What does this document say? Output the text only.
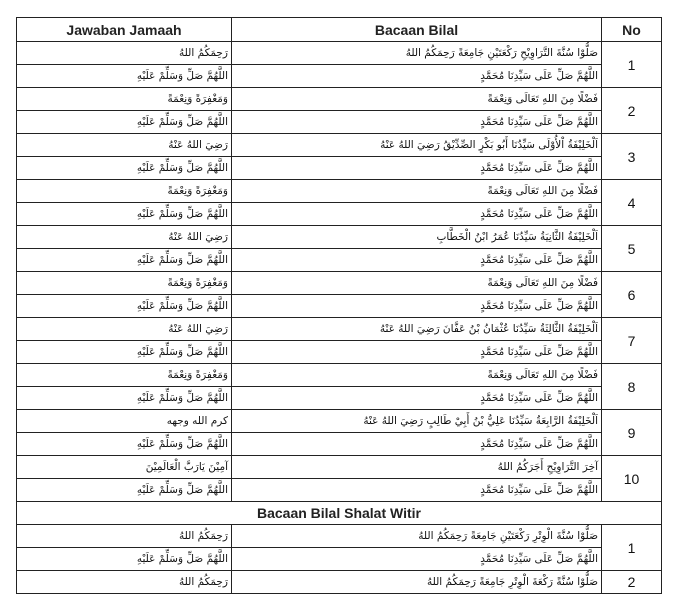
Jawaban Jamaah	Bacaan Bilal	No
رَحِمَكُمُ اللهُ	صَلُّوْا سُنَّةَ التَّرَاوِيْحِ رَكْعَتَيْنِ جَامِعَةً رَحِمَكُمُ اللهُ	1
اللَّهُمَّ صَلِّ وَسَلِّمْ عَلَيْهِ	اللَّهُمَّ صَلِّ عَلَى سَيِّدِنَا مُحَمَّدٍ	
وَمَغْفِرَةً وَنِعْمَةً	فَضْلًا مِنَ اللهِ تَعَالَى وَنِعْمَةً	2
اللَّهُمَّ صَلِّ وَسَلِّمْ عَلَيْهِ	اللَّهُمَّ صَلِّ عَلَى سَيِّدِنَا مُحَمَّدٍ	
رَضِيَ اللهُ عَنْهُ	اَلْخَلِيْفَةُ اْلأُوْلَى سَيِّدُنَا أَبُو بَكْرٍ الصِّدِّيْقُ رَضِيَ اللهُ عَنْهُ	3
اللَّهُمَّ صَلِّ وَسَلِّمْ عَلَيْهِ	اللَّهُمَّ صَلِّ عَلَى سَيِّدِنَا مُحَمَّدٍ	
وَمَغْفِرَةً وَنِعْمَةً	فَضْلًا مِنَ اللهِ تَعَالَى وَنِعْمَةً	4
اللَّهُمَّ صَلِّ وَسَلِّمْ عَلَيْهِ	اللَّهُمَّ صَلِّ عَلَى سَيِّدِنَا مُحَمَّدٍ	
رَضِيَ اللهُ عَنْهُ	اَلْخَلِيْفَةُ الثَّانِيَةُ سَيِّدُنَا عُمَرُ ابْنُ الْخَطَّابِ	5
اللَّهُمَّ صَلِّ وَسَلِّمْ عَلَيْهِ	اللَّهُمَّ صَلِّ عَلَى سَيِّدِنَا مُحَمَّدٍ	
وَمَغْفِرَةً وَنِعْمَةً	فَضْلًا مِنَ اللهِ تَعَالَى وَنِعْمَةً	6
اللَّهُمَّ صَلِّ وَسَلِّمْ عَلَيْهِ	اللَّهُمَّ صَلِّ عَلَى سَيِّدِنَا مُحَمَّدٍ	
رَضِيَ اللهُ عَنْهُ	اَلْخَلِيْفَةُ الثَّالِثَةُ سَيِّدُنَا عُثْمَانُ بْنُ عَفَّانَ رَضِيَ اللهُ عَنْهُ	7
اللَّهُمَّ صَلِّ وَسَلِّمْ عَلَيْهِ	اللَّهُمَّ صَلِّ عَلَى سَيِّدِنَا مُحَمَّدٍ	
وَمَغْفِرَةً وَنِعْمَةً	فَضْلًا مِنَ اللهِ تَعَالَى وَنِعْمَةً	8
اللَّهُمَّ صَلِّ وَسَلِّمْ عَلَيْهِ	اللَّهُمَّ صَلِّ عَلَى سَيِّدِنَا مُحَمَّدٍ	
كرم الله وجهه	اَلْخَلِيْفَةُ الرَّابِعَةُ سَيِّدُنَا عَلِيُّ بْنُ أَبِيْ طَالِبٍ رَضِيَ اللهُ عَنْهُ	9
اللَّهُمَّ صَلِّ وَسَلِّمْ عَلَيْهِ	اللَّهُمَّ صَلِّ عَلَى سَيِّدِنَا مُحَمَّدٍ	
آمِيْنَ يَارَبَّ الْعَالَمِيْنَ	آخِرَ التَّرَاوِيْحِ أَجَرَكُمُ اللهُ	10
اللَّهُمَّ صَلِّ وَسَلِّمْ عَلَيْهِ	اللَّهُمَّ صَلِّ عَلَى سَيِّدِنَا مُحَمَّدٍ	
Bacaan Bilal Shalat Witir		
رَحِمَكُمُ اللهُ	صَلُّوْا سُنَّةَ الْوِتْرِ رَكْعَتَيْنِ جَامِعَةً رَحِمَكُمُ اللهُ	1
اللَّهُمَّ صَلِّ وَسَلِّمْ عَلَيْهِ	اللَّهُمَّ صَلِّ عَلَى سَيِّدِنَا مُحَمَّدٍ	
رَحِمَكُمُ اللهُ	صَلُّوْا سُنَّةً رَكْعَةَ الْوِتْرِ جَامِعَةً رَحِمَكُمُ اللهُ	2
